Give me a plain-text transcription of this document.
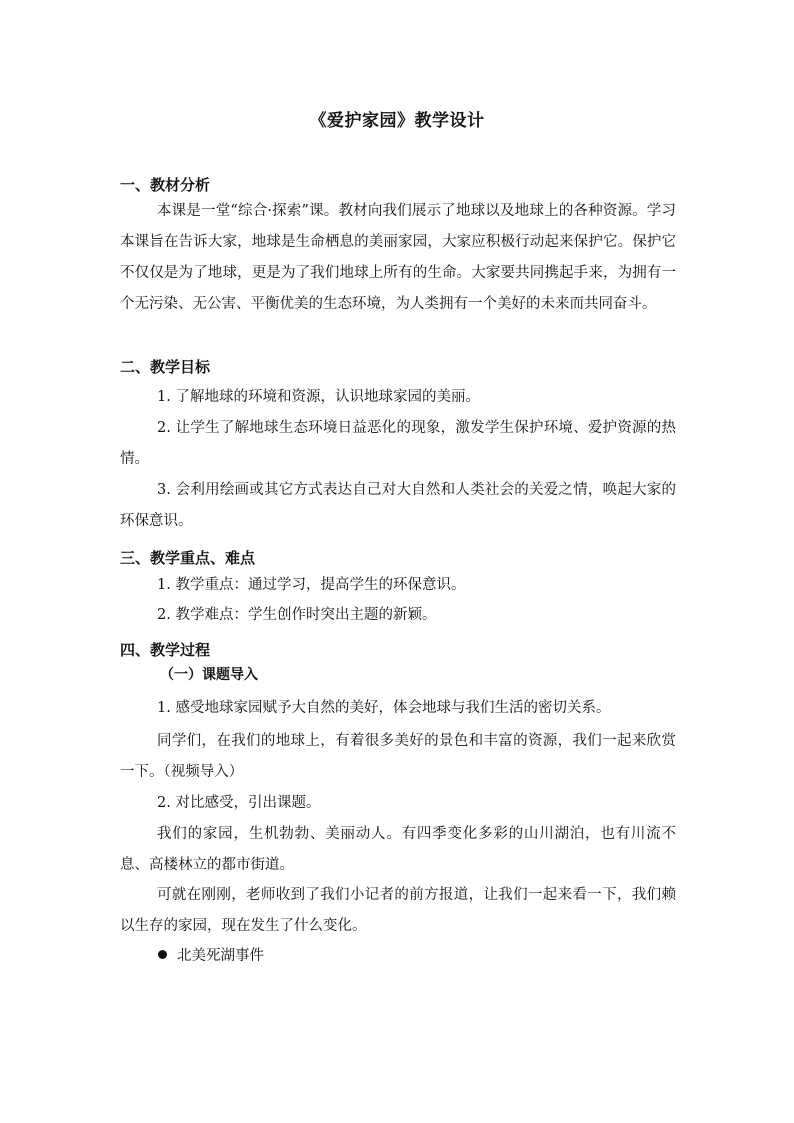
《爱护家园》教学设计
一、教材分析
本课是一堂“综合·探索”课。教材向我们展示了地球以及地球上的各种资源。学习本课旨在告诉大家，地球是生命栖息的美丽家园，大家应积极行动起来保护它。保护它不仅仅是为了地球，更是为了我们地球上所有的生命。大家要共同携起手来，为拥有一个无污染、无公害、平衡优美的生态环境，为人类拥有一个美好的未来而共同奋斗。
二、教学目标
1. 了解地球的环境和资源，认识地球家园的美丽。
2. 让学生了解地球生态环境日益恶化的现象，激发学生保护环境、爱护资源的热情。
3. 会利用绘画或其它方式表达自己对大自然和人类社会的关爱之情，唤起大家的环保意识。
三、教学重点、难点
1. 教学重点：通过学习，提高学生的环保意识。
2. 教学难点：学生创作时突出主题的新颖。
四、教学过程
（一）课题导入
1. 感受地球家园赋予大自然的美好，体会地球与我们生活的密切关系。
同学们，在我们的地球上，有着很多美好的景色和丰富的资源，我们一起来欣赏一下。（视频导入）
2. 对比感受，引出课题。
我们的家园，生机勃勃、美丽动人。有四季变化多彩的山川湖泊，也有川流不息、高楼林立的都市街道。
可就在刚刚，老师收到了我们小记者的前方报道，让我们一起来看一下，我们赖以生存的家园，现在发生了什么变化。
北美死湖事件
